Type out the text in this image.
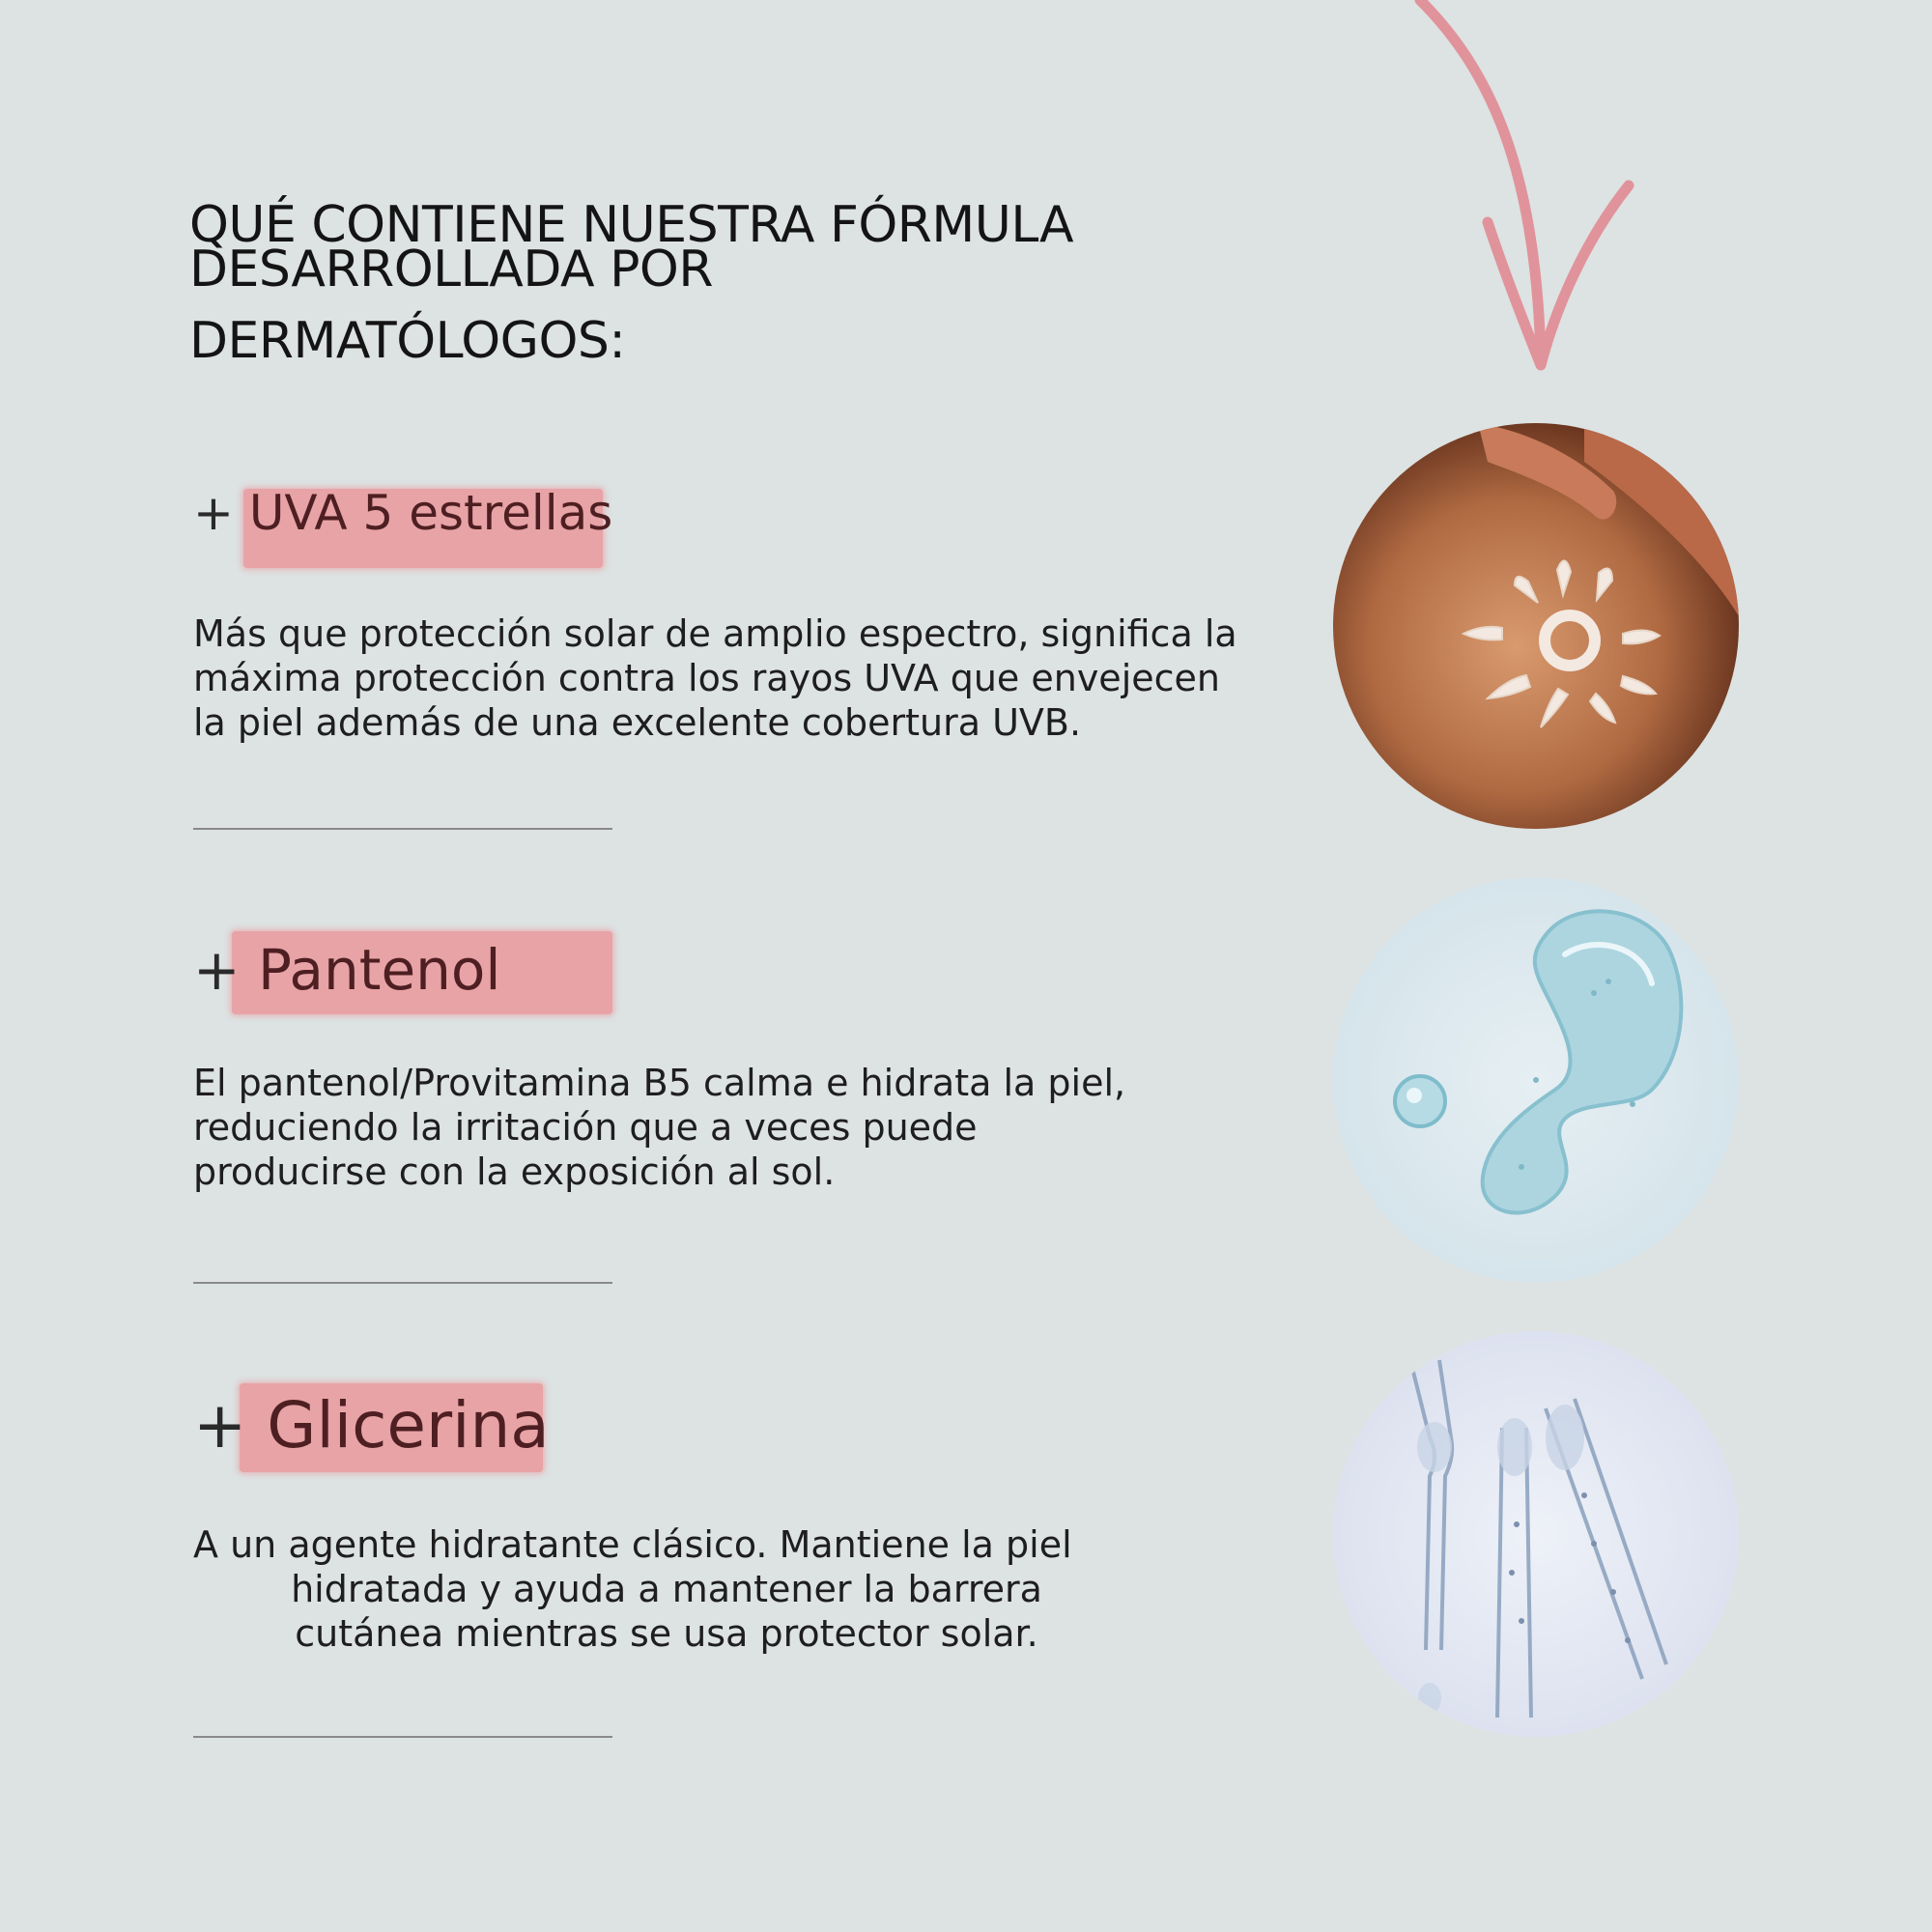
QUÉ CONTIENE NUESTRA FÓRMULA
DESARROLLADA POR
DERMATÓLOGOS:
+ UVA 5 estrellas
Más que protección solar de amplio espectro, significa la
máxima protección contra los rayos UVA que envejecen
la piel además de una excelente cobertura UVB.
+ Pantenol
El pantenol/Provitamina B5 calma e hidrata la piel,
reduciendo la irritación que a veces puede
producirse con la exposición al sol.
+ Glicerina
A un agente hidratante clásico. Mantiene la piel
hidratada y ayuda a mantener la barrera
cutánea mientras se usa protector solar.
